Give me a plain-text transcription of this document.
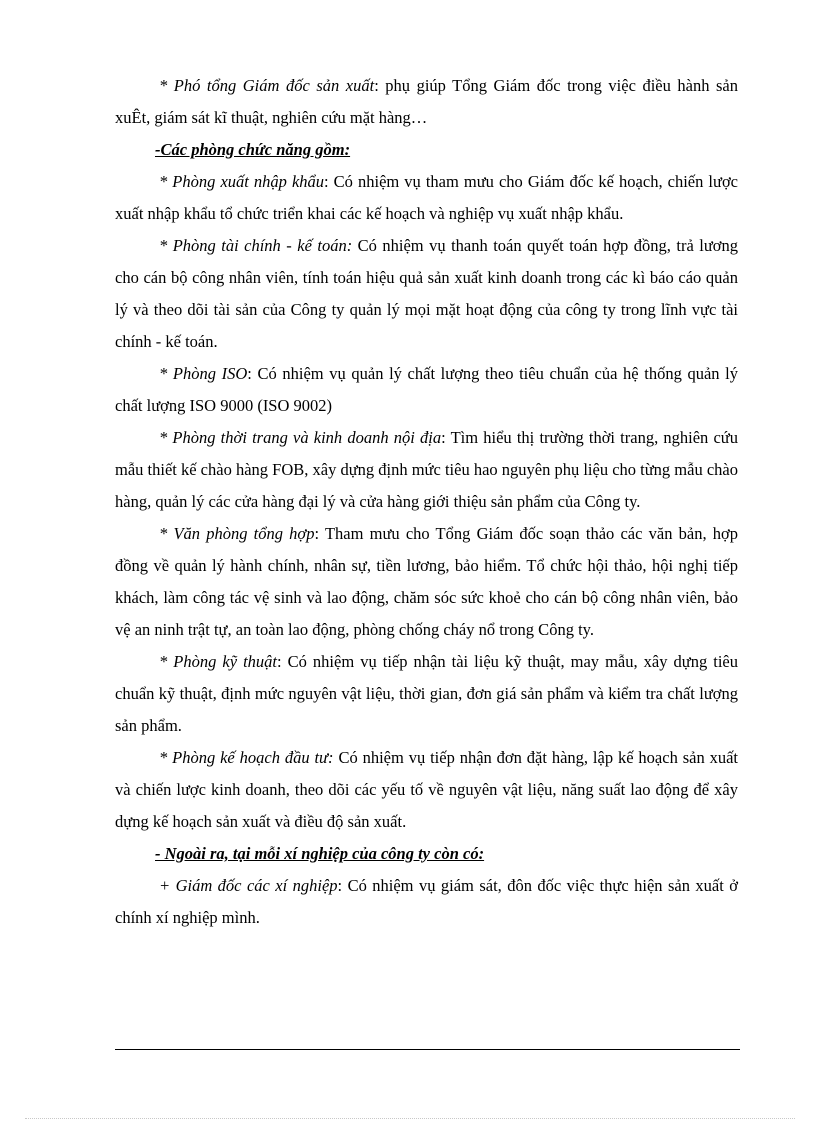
* Phó tổng Giám đốc sản xuất: phụ giúp Tổng Giám đốc trong việc điều hành sản xuÊt, giám sát kĩ thuật, nghiên cứu mặt hàng…

-Các phòng chức năng gồm:

* Phòng xuất nhập khẩu: Có nhiệm vụ tham mưu cho Giám đốc kế hoạch, chiến lược xuất nhập khẩu tổ chức triển khai các kế hoạch và nghiệp vụ xuất nhập khẩu.

* Phòng tài chính - kế toán: Có nhiệm vụ thanh toán quyết toán hợp đồng, trả lương cho cán bộ công nhân viên, tính toán hiệu quả sản xuất kinh doanh trong các kì báo cáo quản lý và theo dõi tài sản của Công ty quản lý mọi mặt hoạt động của công ty trong lĩnh vực tài chính - kế toán.

* Phòng ISO: Có nhiệm vụ quản lý chất lượng theo tiêu chuẩn của hệ thống quản lý chất lượng ISO 9000 (ISO 9002)

* Phòng thời trang và kinh doanh nội địa: Tìm hiểu thị trường thời trang, nghiên cứu mẫu thiết kế chào hàng FOB, xây dựng định mức tiêu hao nguyên phụ liệu cho từng mẫu chào hàng, quản lý các cửa hàng đại lý và cửa hàng giới thiệu sản phẩm của Công ty.

* Văn phòng tổng hợp: Tham mưu cho Tổng Giám đốc soạn thảo các văn bản, hợp đồng về quản lý hành chính, nhân sự, tiền lương, bảo hiểm. Tổ chức hội thảo, hội nghị tiếp khách, làm công tác vệ sinh và lao động, chăm sóc sức khoẻ cho cán bộ công nhân viên, bảo vệ an ninh trật tự, an toàn lao động, phòng chống cháy nổ trong Công ty.

* Phòng kỹ thuật: Có nhiệm vụ tiếp nhận tài liệu kỹ thuật, may mẫu, xây dựng tiêu chuẩn kỹ thuật, định mức nguyên vật liệu, thời gian, đơn giá sản phẩm và kiểm tra chất lượng sản phẩm.

* Phòng kế hoạch đầu tư: Có nhiệm vụ tiếp nhận đơn đặt hàng, lập kế hoạch sản xuất và chiến lược kinh doanh, theo dõi các yếu tố về nguyên vật liệu, năng suất lao động để xây dựng kế hoạch sản xuất và điều độ sản xuất.

- Ngoài ra, tại mỗi xí nghiệp của công ty còn có:

+ Giám đốc các xí nghiệp: Có nhiệm vụ giám sát, đôn đốc việc thực hiện sản xuất ở chính xí nghiệp mình.
